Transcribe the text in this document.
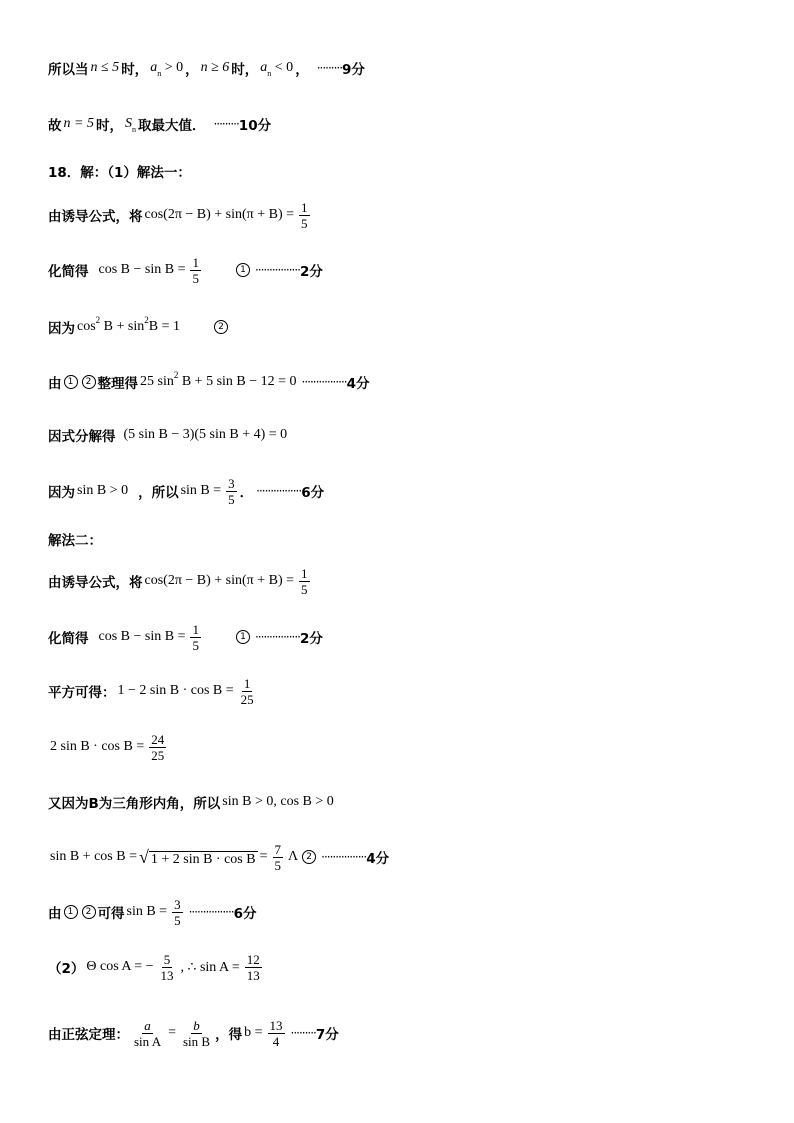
所以当 n ≤ 5 时， $a_n > 0$ ， n ≥ 6 时， $a_n < 0$ ， ········· 9分
故 n = 5 时， $S_n$ 取最大值． ········· 10分
18．解：（1）解法一：
由诱导公式，将 $\cos(2\pi - B) + \sin(\pi + B) = \frac{1}{5}$
化简得 $\cos B - \sin B = \frac{1}{5}$	1 ················ 2分
因为 $\cos^2 B + \sin^2B = 1$	2
由 1	2 整理得 25 $\sin^2 B + 5$ sin B − 12 = 0 ················ 4分
因式分解得 (5 sin B − 3)(5 sin B + 4) = 0
因为 sin B > 0 ，所以 $\sin B = \frac{3}{5}$ ． ················ 6分
解法二：
由诱导公式，将 $\cos(2\pi - B) + \sin(\pi + B) = \frac{1}{5}$
化简得 $\cos B - \sin B = \frac{1}{5}$	1 ················ 2分
平方可得： 1 − 2 $\sin B \cdot \cos B = \frac{1}{25}$
2 $\sin B \cdot \cos B = \frac{24}{25}$
又因为B为三角形内角，所以 sin B > 0, cos B > 0
sin B + cos B = √ 1 + 2 $\sin B \cdot \cos B = \frac{7}{5}$ Λ 2 ················ 4分
由 1	2 可得 $\sin B = \frac{3}{5}$ ················ 6分
（2） Θ cos A = − $\frac{5}{13}$ , ∴ $\sin A = \frac{12}{13}$
由正弦定理： $\frac{a}{\text{sin A}} = \frac{b}{\text{sin B}}$ ，得 $b = \frac{13}{4}$ ········· 7分
